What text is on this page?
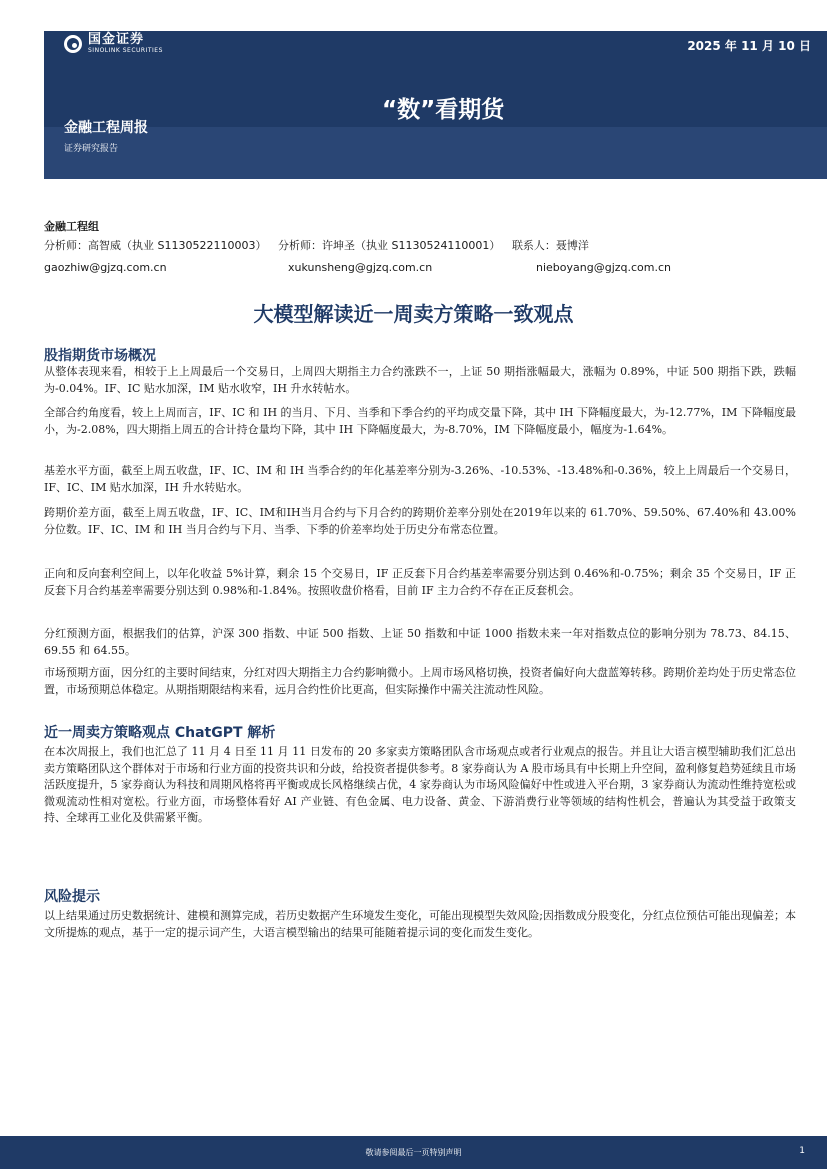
国金证券
SINOLINK SECURITIES	2025 年 11 月 10 日
“数”看期货
金融工程周报
证券研究报告
金融工程组
分析师：高智威（执业 S1130522110003） 分析师：许坤圣（执业 S1130524110001） 联系人：聂博洋
gaozhiw@gjzq.com.cn	xukunsheng@gjzq.com.cn	nieboyang@gjzq.com.cn
大模型解读近一周卖方策略一致观点
股指期货市场概况

从整体表现来看，相较于上上周最后一个交易日，上周四大期指主力合约涨跌不一，上证 50 期指涨幅最大，涨幅为 0.89%，中证 500 期指下跌，跌幅为-0.04%。IF、IC 贴水加深，IM 贴水收窄，IH 升水转帖水。

全部合约角度看，较上上周而言，IF、IC 和 IH 的当月、下月、当季和下季合约的平均成交量下降，其中 IH 下降幅度最大，为-12.77%，IM 下降幅度最小，为-2.08%，四大期指上周五的合计持仓量均下降，其中 IH 下降幅度最大，为-8.70%，IM 下降幅度最小，幅度为-1.64%。

基差水平方面，截至上周五收盘，IF、IC、IM 和 IH 当季合约的年化基差率分别为-3.26%、-10.53%、-13.48%和-0.36%，较上上周最后一个交易日，IF、IC、IM 贴水加深，IH 升水转贴水。

跨期价差方面，截至上周五收盘，IF、IC、IM和IH当月合约与下月合约的跨期价差率分别处在2019年以来的 61.70%、59.50%、67.40%和 43.00%分位数。IF、IC、IM 和 IH 当月合约与下月、当季、下季的价差率均处于历史分布常态位置。

正向和反向套利空间上，以年化收益 5%计算，剩余 15 个交易日，IF 正反套下月合约基差率需要分别达到 0.46%和-0.75%；剩余 35 个交易日，IF 正反套下月合约基差率需要分别达到 0.98%和-1.84%。按照收盘价格看，目前 IF 主力合约不存在正反套机会。

分红预测方面，根据我们的估算，沪深 300 指数、中证 500 指数、上证 50 指数和中证 1000 指数未来一年对指数点位的影响分别为 78.73、84.15、69.55 和 64.55。

市场预期方面，因分红的主要时间结束，分红对四大期指主力合约影响微小。上周市场风格切换，投资者偏好向大盘蓝筹转移。跨期价差均处于历史常态位置，市场预期总体稳定。从期指期限结构来看，远月合约性价比更高，但实际操作中需关注流动性风险。

近一周卖方策略观点 ChatGPT 解析

在本次周报上，我们也汇总了 11 月 4 日至 11 月 11 日发布的 20 多家卖方策略团队含市场观点或者行业观点的报告。并且让大语言模型辅助我们汇总出卖方策略团队这个群体对于市场和行业方面的投资共识和分歧，给投资者提供参考。8 家券商认为 A 股市场具有中长期上升空间，盈利修复趋势延续且市场活跃度提升，5 家券商认为科技和周期风格将再平衡或成长风格继续占优，4 家券商认为市场风险偏好中性或进入平台期，3 家券商认为流动性维持宽松或微观流动性相对宽松。行业方面，市场整体看好 AI 产业链、有色金属、电力设备、黄金、下游消费行业等领域的结构性机会，普遍认为其受益于政策支持、全球再工业化及供需紧平衡。

风险提示

以上结果通过历史数据统计、建模和测算完成，若历史数据产生环境发生变化，可能出现模型失效风险;因指数成分股变化，分红点位预估可能出现偏差；本文所提炼的观点，基于一定的提示词产生，大语言模型输出的结果可能随着提示词的变化而发生变化。

敬请参阅最后一页特别声明	1
